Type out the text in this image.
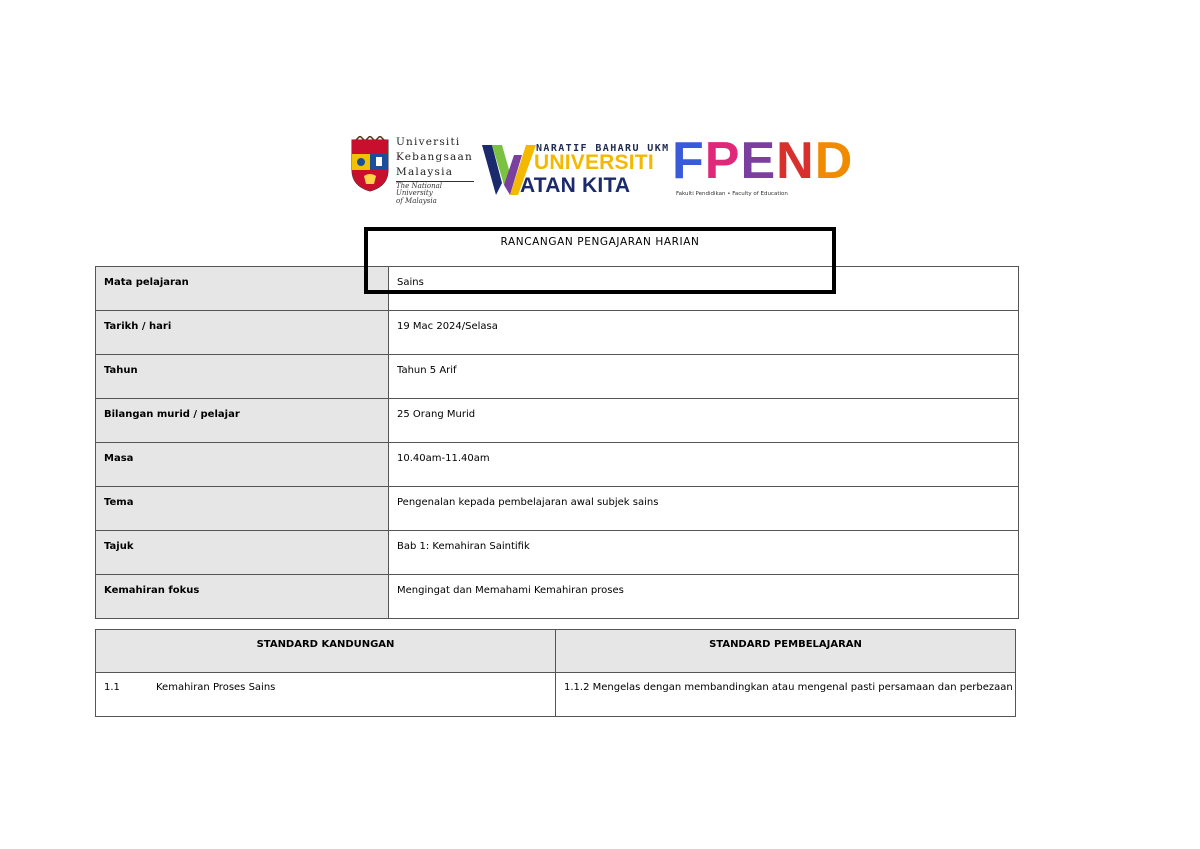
Universiti
Kebangsaan
Malaysia
The National University
of Malaysia
NARATIF BAHARU UKM
UNIVERSITI
ATAN KITA FPEND
Fakulti Pendidikan • Faculty of Education
RANCANGAN PENGAJARAN HARIAN
Mata pelajaran	Sains
Tarikh / hari	19 Mac 2024/Selasa
Tahun	Tahun 5 Arif
Bilangan murid / pelajar	25 Orang Murid
Masa	10.40am-11.40am
Tema	Pengenalan kepada pembelajaran awal subjek sains
Tajuk	Bab 1: Kemahiran Saintifik
Kemahiran fokus	Mengingat dan Memahami Kemahiran proses
STANDARD KANDUNGAN	STANDARD PEMBELAJARAN
1.1 Kemahiran Proses Sains	1.1.2 Mengelas dengan membandingkan atau mengenal pasti persamaan dan perbezaan
